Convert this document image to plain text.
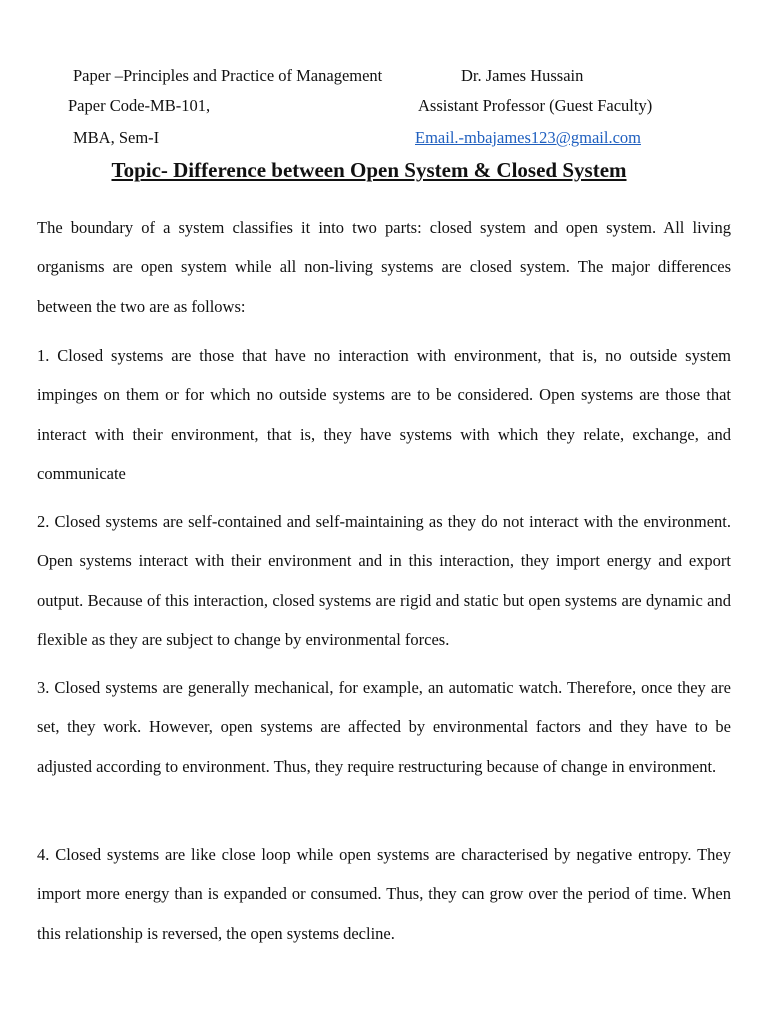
Paper –Principles and Practice of Management	Dr. James Hussain
Paper Code-MB-101,	Assistant Professor (Guest Faculty)
MBA, Sem-I	Email.-mbajames123@gmail.com
Topic- Difference between Open System & Closed System

The boundary of a system classifies it into two parts: closed system and open system. All living organisms are open system while all non-living systems are closed system. The major differences between the two are as follows:

1. Closed systems are those that have no interaction with environment, that is, no outside system impinges on them or for which no outside systems are to be considered. Open systems are those that interact with their environment, that is, they have systems with which they relate, exchange, and communicate

2. Closed systems are self-contained and self-maintaining as they do not interact with the environment. Open systems interact with their environment and in this interaction, they import energy and export output. Because of this interaction, closed systems are rigid and static but open systems are dynamic and flexible as they are subject to change by environmental forces.

3. Closed systems are generally mechanical, for example, an automatic watch. Therefore, once they are set, they work. However, open systems are affected by environmental factors and they have to be adjusted according to environment. Thus, they require restructuring because of change in environment.

4. Closed systems are like close loop while open systems are characterised by negative entropy. They import more energy than is expanded or consumed. Thus, they can grow over the period of time. When this relationship is reversed, the open systems decline.
